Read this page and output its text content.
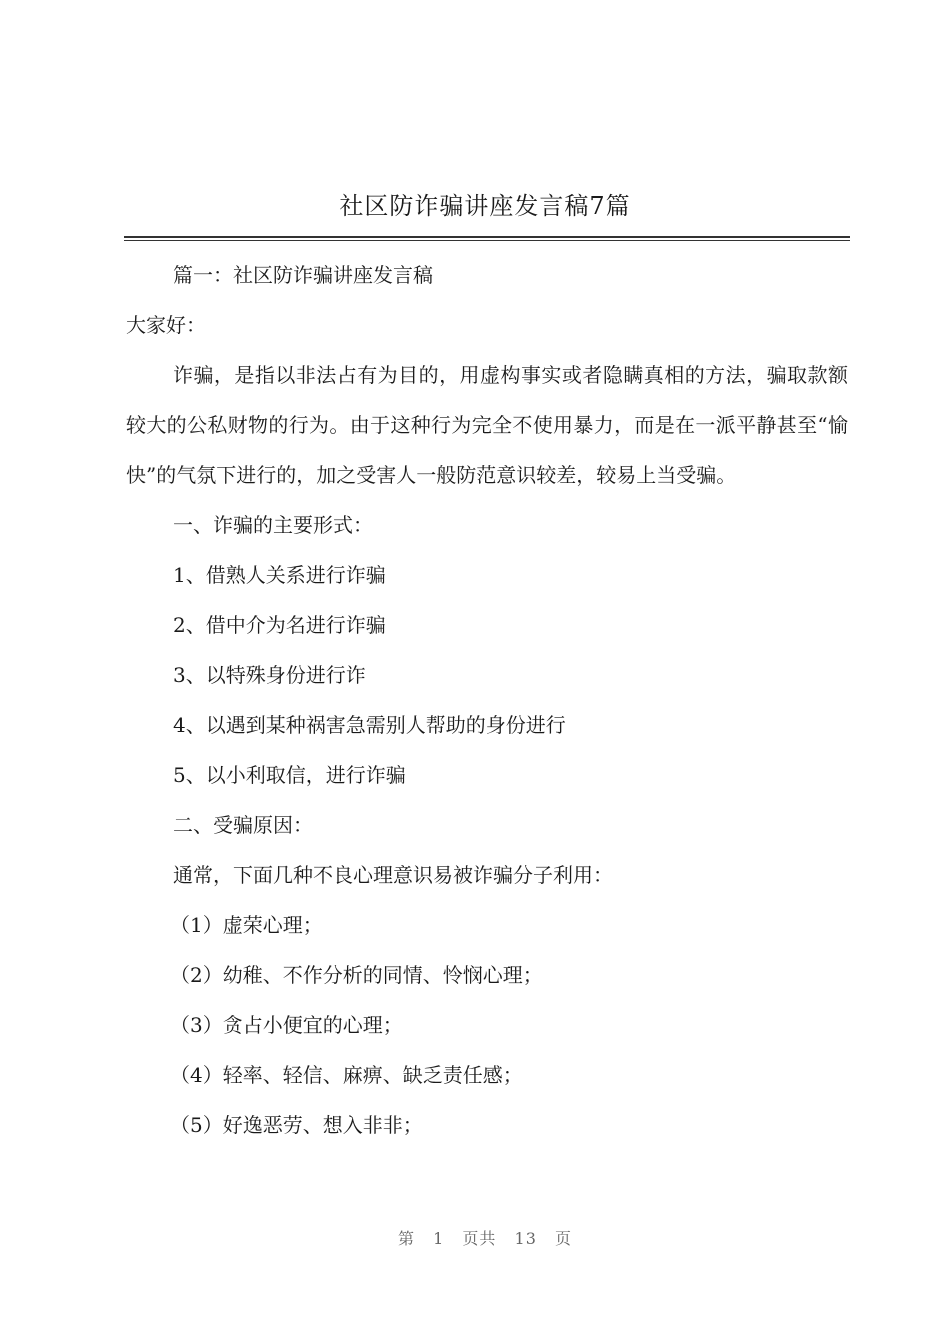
社区防诈骗讲座发言稿7篇

篇一：社区防诈骗讲座发言稿

大家好：

诈骗，是指以非法占有为目的，用虚构事实或者隐瞒真相的方法，骗取款额较大的公私财物的行为。由于这种行为完全不使用暴力，而是在一派平静甚至“愉快”的气氛下进行的，加之受害人一般防范意识较差，较易上当受骗。

一、诈骗的主要形式：

1、借熟人关系进行诈骗

2、借中介为名进行诈骗

3、以特殊身份进行诈

4、以遇到某种祸害急需别人帮助的身份进行

5、以小利取信，进行诈骗

二、受骗原因：

通常，下面几种不良心理意识易被诈骗分子利用：

（1）虚荣心理；

（2）幼稚、不作分析的同情、怜悯心理；

（3）贪占小便宜的心理；

（4）轻率、轻信、麻痹、缺乏责任感；

（5）好逸恶劳、想入非非；

第 1 页共 13 页
